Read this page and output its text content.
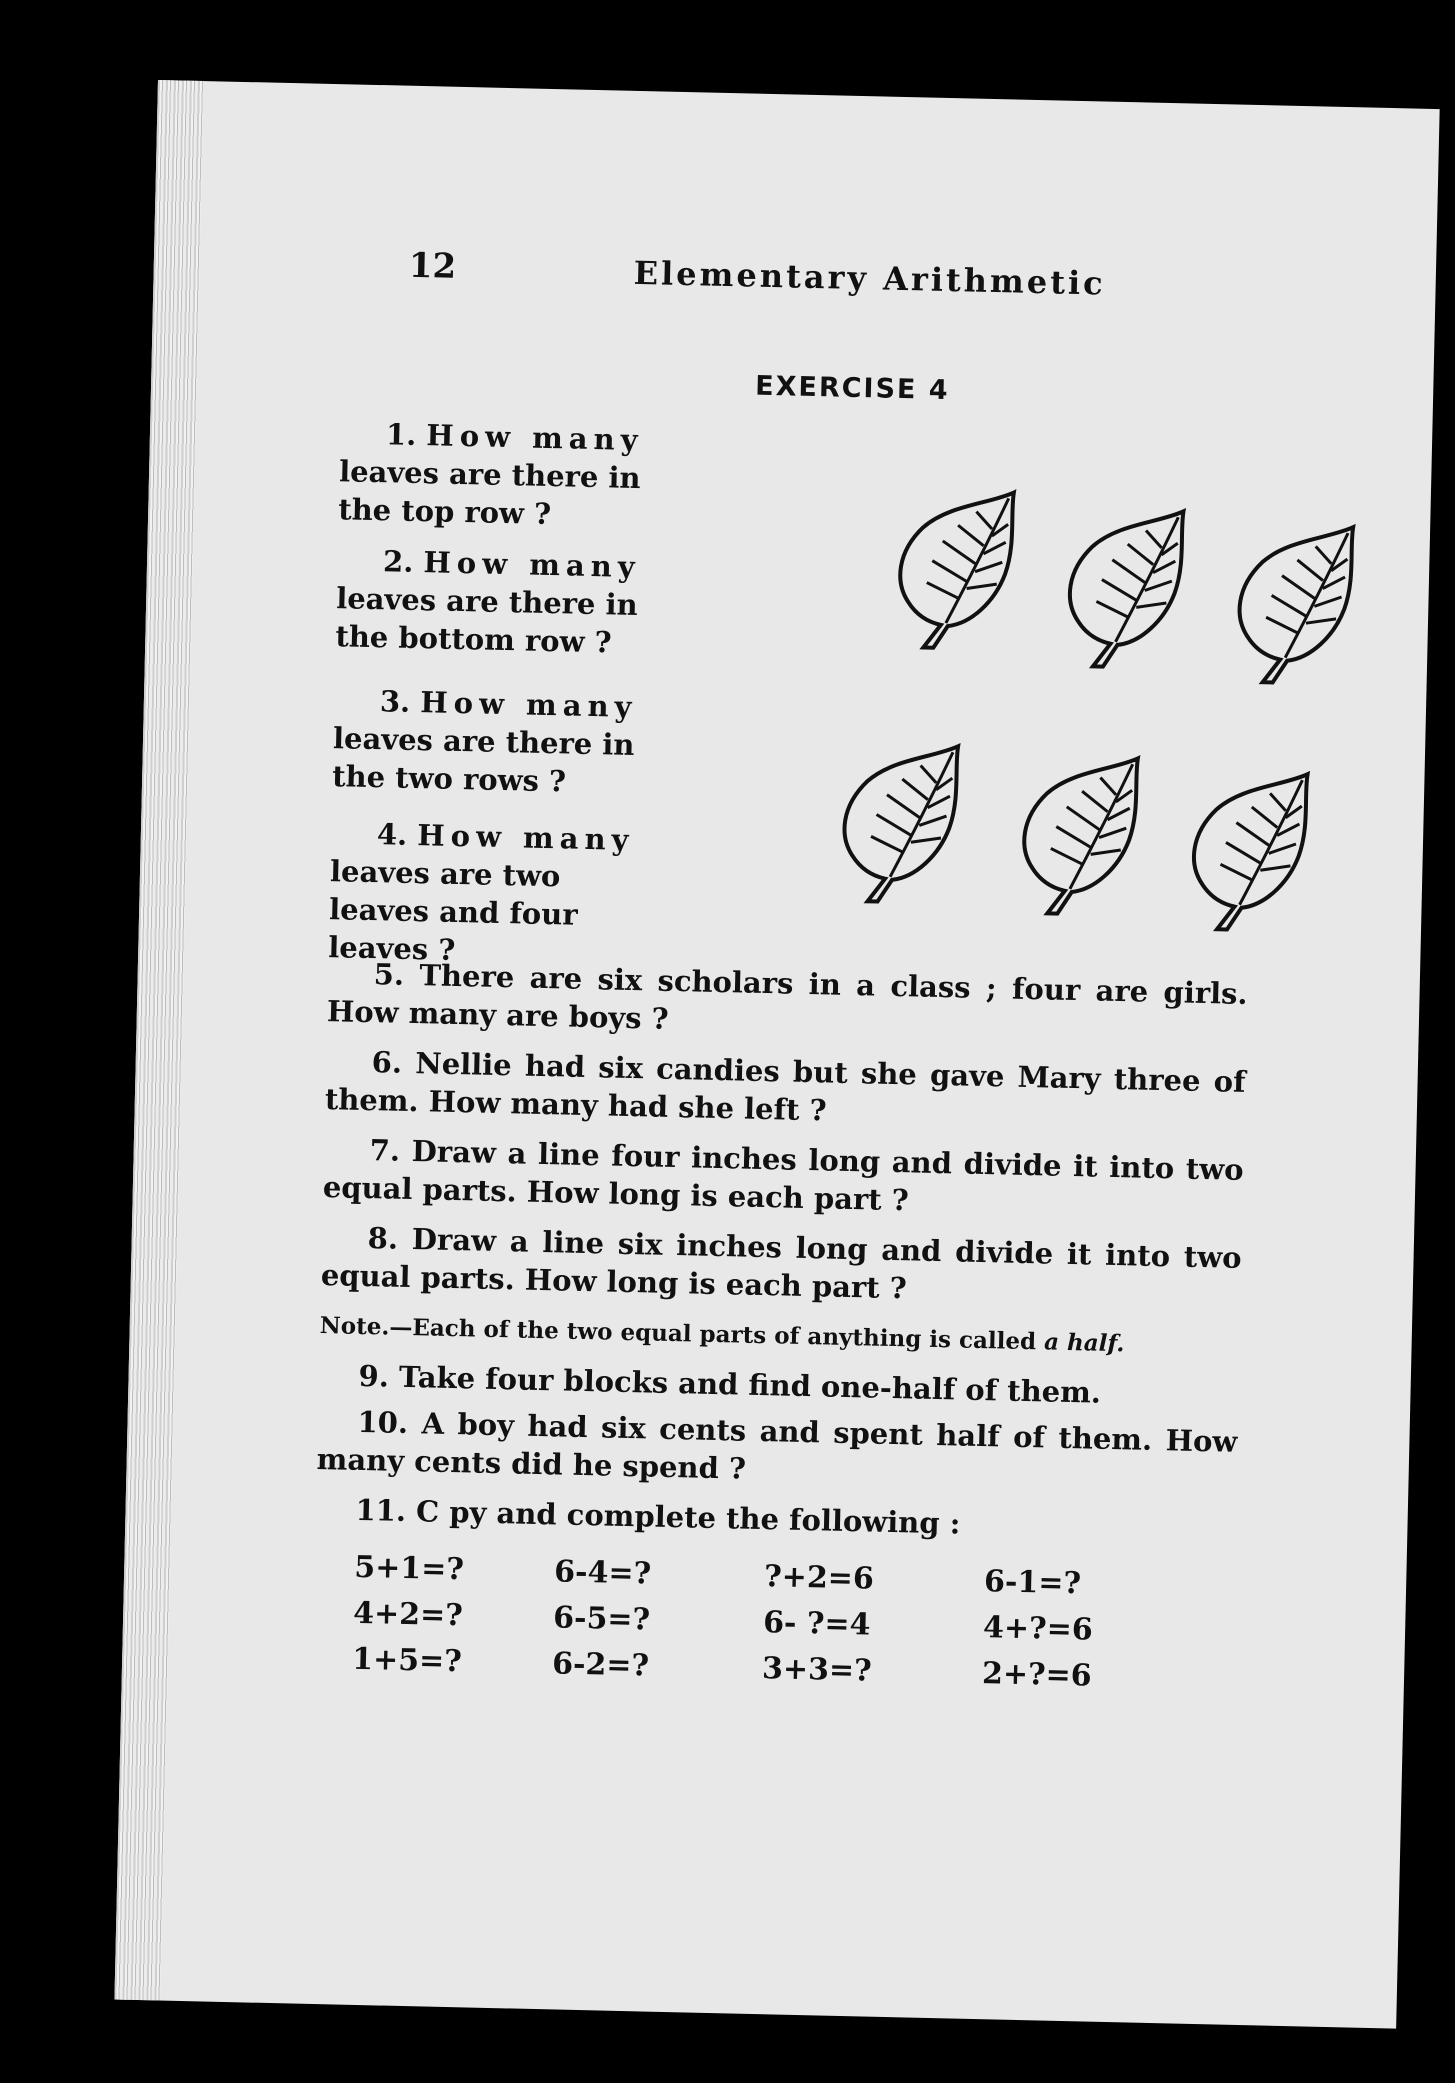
12	Elementary Arithmetic
EXERCISE 4
1. How many
leaves are there in the top row ?
2. How many
leaves are there in the bottom row ?
3. How many
leaves are there in the two rows ?
4. How many
leaves are two leaves and four leaves ?
5. There are six scholars in a class ; four are girls. How many are boys ?
6. Nellie had six candies but she gave Mary three of them. How many had she left ?
7. Draw a line four inches long and divide it into two equal parts. How long is each part ?
8. Draw a line six inches long and divide it into two equal parts. How long is each part ?
Note.—Each of the two equal parts of anything is called a half.
9. Take four blocks and find one-half of them.
10. A boy had six cents and spent half of them. How many cents did he spend ?
11. C py and complete the following :
5+1=?
4+2=?
1+5=?
6-4=?
6-5=?
6-2=?
?+2=6
6- ?=4
3+3=?
6-1=?
4+?=6
2+?=6
